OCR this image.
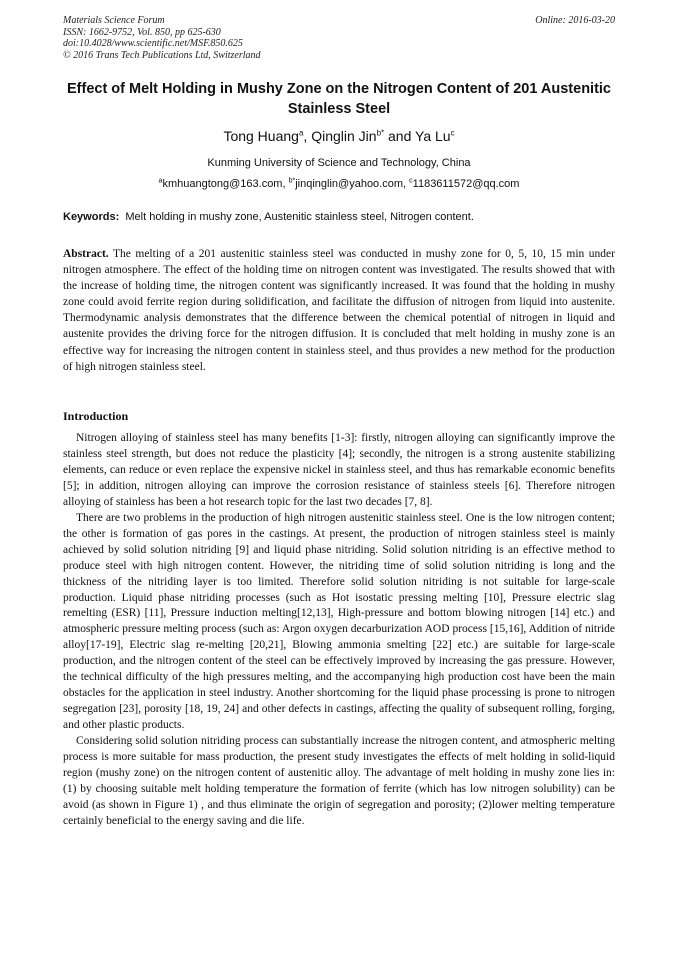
Materials Science Forum
ISSN: 1662-9752, Vol. 850, pp 625-630
doi:10.4028/www.scientific.net/MSF.850.625
© 2016 Trans Tech Publications Ltd, Switzerland
Online: 2016-03-20
Effect of Melt Holding in Mushy Zone on the Nitrogen Content of 201 Austenitic Stainless Steel
Tong Huang$^a$, Qinglin Jin$^{b*}$ and Ya Lu$^c$
Kunming University of Science and Technology, China
$^a$kmhuangtong@163.com, $^{b*}$jinqinglin@yahoo.com, $^c$1183611572@qq.com
Keywords: Melt holding in mushy zone, Austenitic stainless steel, Nitrogen content.
Abstract. The melting of a 201 austenitic stainless steel was conducted in mushy zone for 0, 5, 10, 15 min under nitrogen atmosphere. The effect of the holding time on nitrogen content was investigated. The results showed that with the increase of holding time, the nitrogen content was significantly increased. It was found that the holding in mushy zone could avoid ferrite region during solidification, and facilitate the diffusion of nitrogen from liquid into austenite. Thermodynamic analysis demonstrates that the difference between the chemical potential of nitrogen in liquid and austenite provides the driving force for the nitrogen diffusion. It is concluded that melt holding in mushy zone is an effective way for increasing the nitrogen content in stainless steel, and thus provides a new method for the production of high nitrogen stainless steel.
Introduction

Nitrogen alloying of stainless steel has many benefits [1-3]: firstly, nitrogen alloying can significantly improve the stainless steel strength, but does not reduce the plasticity [4]; secondly, the nitrogen is a strong austenite stabilizing elements, can reduce or even replace the expensive nickel in stainless steel, and thus has remarkable economic benefits [5]; in addition, nitrogen alloying can improve the corrosion resistance of stainless steels [6]. Therefore nitrogen alloying of stainless has been a hot research topic for the last two decades [7, 8].

There are two problems in the production of high nitrogen austenitic stainless steel. One is the low nitrogen content; the other is formation of gas pores in the castings. At present, the production of nitrogen stainless steel is mainly achieved by solid solution nitriding [9] and liquid phase nitriding. Solid solution nitriding is an effective method to produce steel with high nitrogen content. However, the nitriding time of solid solution nitriding is long and the thickness of the nitriding layer is too limited. Therefore solid solution nitriding is not suitable for large-scale production. Liquid phase nitriding processes (such as Hot isostatic pressing melting [10], Pressure electric slag remelting (ESR) [11], Pressure induction melting[12,13], High-pressure and bottom blowing nitrogen [14] etc.) and atmospheric pressure melting process (such as: Argon oxygen decarburization AOD process [15,16], Addition of nitride alloy[17-19], Electric slag re-melting [20,21], Blowing ammonia smelting [22] etc.) are suitable for large-scale production, and the nitrogen content of the steel can be effectively improved by increasing the gas pressure. However, the technical difficulty of the high pressures melting, and the accompanying high production cost have been the main obstacles for the application in steel industry. Another shortcoming for the liquid phase processing is prone to nitrogen segregation [23], porosity [18, 19, 24] and other defects in castings, affecting the quality of subsequent rolling, forging, and other plastic products.

Considering solid solution nitriding process can substantially increase the nitrogen content, and atmospheric melting process is more suitable for mass production, the present study investigates the effects of melt holding in solid-liquid region (mushy zone) on the nitrogen content of austenitic alloy. The advantage of melt holding in mushy zone lies in: (1) by choosing suitable melt holding temperature the formation of ferrite (which has low nitrogen solubility) can be avoid (as shown in Figure 1) , and thus eliminate the origin of segregation and porosity; (2)lower melting temperature certainly beneficial to the energy saving and die life.
